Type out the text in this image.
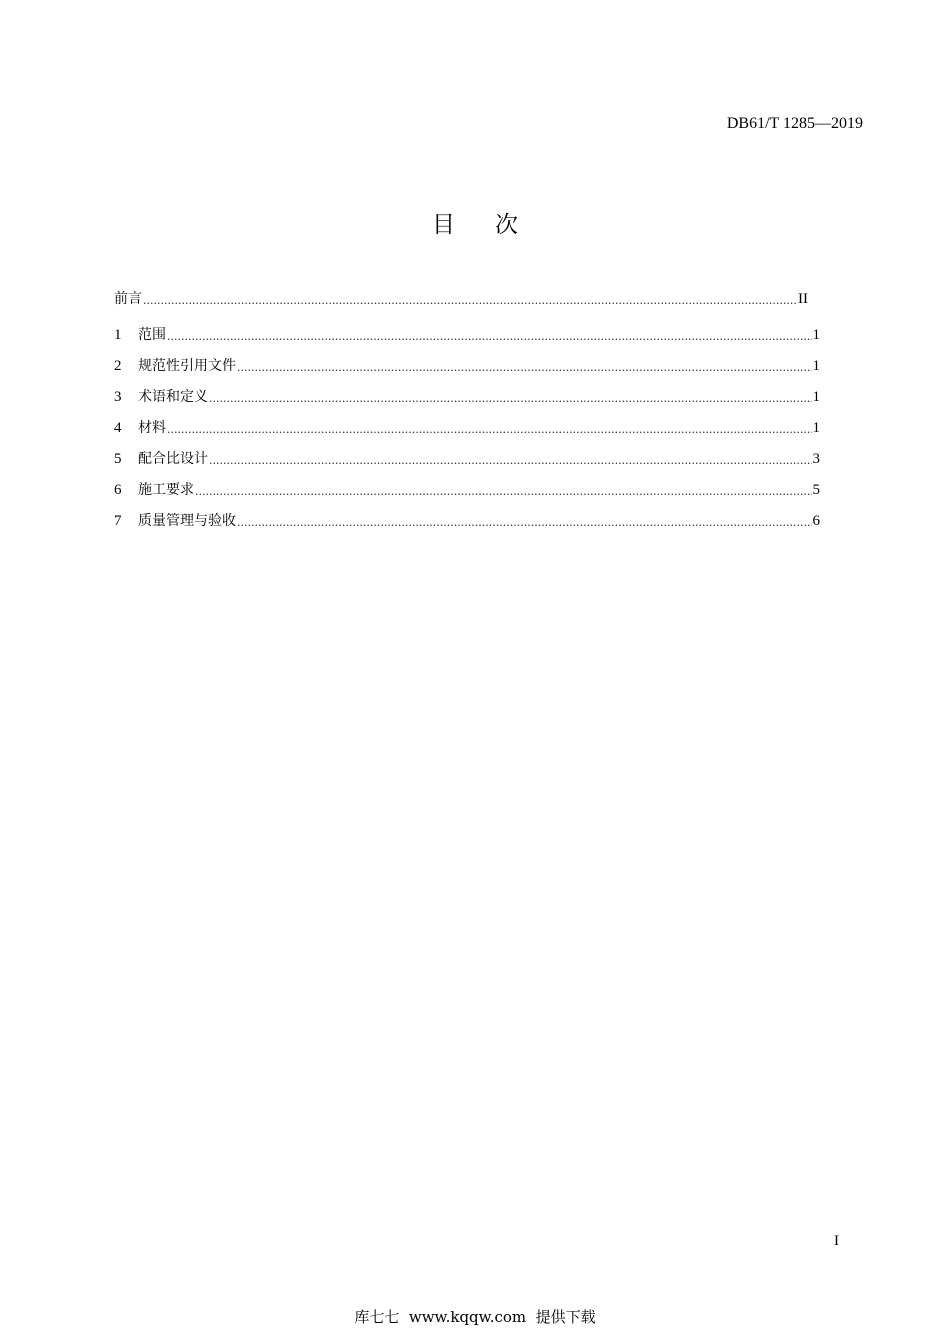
DB61/T 1285—2019
目次
前言 .....	II
1	范围 .....	1
2	规范性引用文件 .....	1
3	术语和定义 .....	1
4	材料 .....	1
5	配合比设计 .....	3
6	施工要求 .....	5
7	质量管理与验收 .....	6
I
库七七  www.kqqw.com  提供下载
